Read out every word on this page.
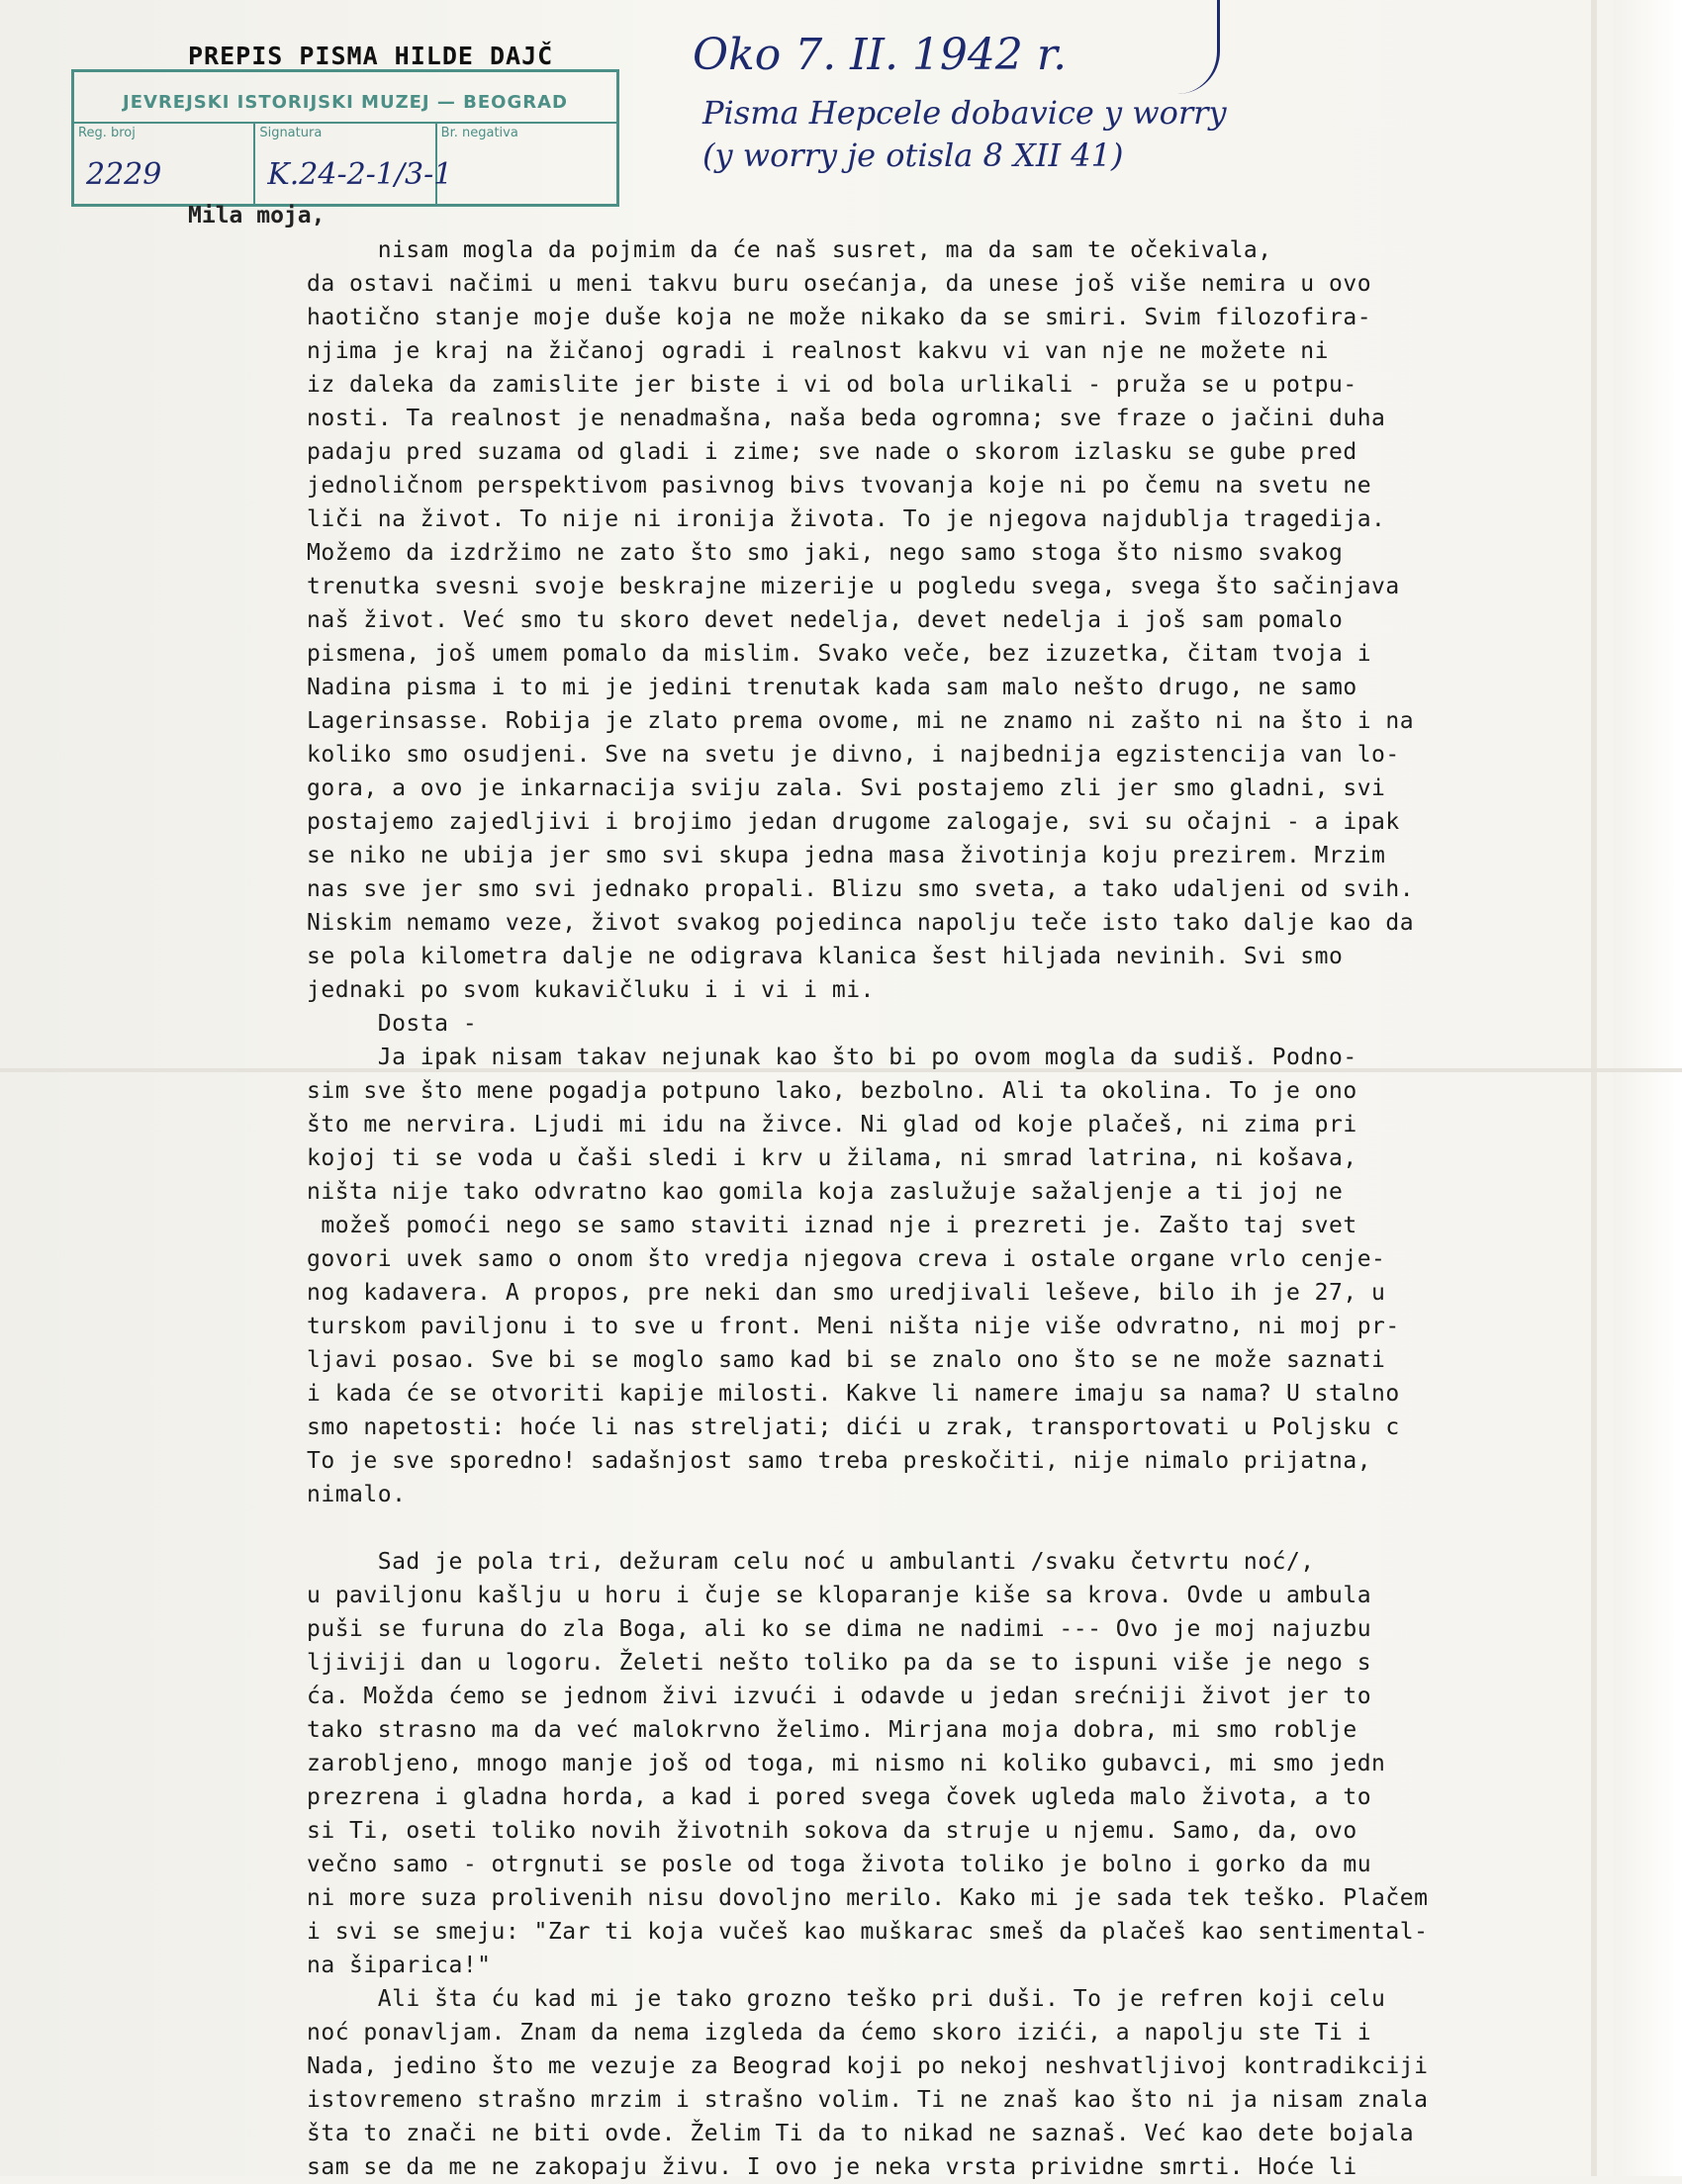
PREPIS PISMA HILDE DAJČ	Oko 7. II. 1942 r.
Pisma Hepcele dobavice y worry
(y worry je otisla 8 XII 41)
JEVREJSKI ISTORIJSKI MUZEJ — BEOGRAD
Reg. broj
2229
Signatura
K.24-2-1/3-1
Br. negativa
Mila moja,
nisam mogla da pojmim da će naš susret, ma da sam te očekivala,
da ostavi načimi u meni takvu buru osećanja, da unese još više nemira u ovo
haotično stanje moje duše koja ne može nikako da se smiri. Svim filozofira-
njima je kraj na žičanoj ogradi i realnost kakvu vi van nje ne možete ni
iz daleka da zamislite jer biste i vi od bola urlikali - pruža se u potpu-
nosti. Ta realnost je nenadmašna, naša beda ogromna; sve fraze o jačini duha
padaju pred suzama od gladi i zime; sve nade o skorom izlasku se gube pred
jednoličnom perspektivom pasivnog bivs tvovanja koje ni po čemu na svetu ne
liči na život. To nije ni ironija života. To je njegova najdublja tragedija.
Možemo da izdržimo ne zato što smo jaki, nego samo stoga što nismo svakog
trenutka svesni svoje beskrajne mizerije u pogledu svega, svega što sačinjava
naš život. Već smo tu skoro devet nedelja, devet nedelja i još sam pomalo
pismena, još umem pomalo da mislim. Svako veče, bez izuzetka, čitam tvoja i
Nadina pisma i to mi je jedini trenutak kada sam malo nešto drugo, ne samo
Lagerinsasse. Robija je zlato prema ovome, mi ne znamo ni zašto ni na što i na
koliko smo osudjeni. Sve na svetu je divno, i najbednija egzistencija van lo-
gora, a ovo je inkarnacija sviju zala. Svi postajemo zli jer smo gladni, svi
postajemo zajedljivi i brojimo jedan drugome zalogaje, svi su očajni - a ipak
se niko ne ubija jer smo svi skupa jedna masa životinja koju prezirem. Mrzim
nas sve jer smo svi jednako propali. Blizu smo sveta, a tako udaljeni od svih.
Niskim nemamo veze, život svakog pojedinca napolju teče isto tako dalje kao da
se pola kilometra dalje ne odigrava klanica šest hiljada nevinih. Svi smo
jednaki po svom kukavičluku i i vi i mi.
Dosta -
Ja ipak nisam takav nejunak kao što bi po ovom mogla da sudiš. Podno-
sim sve što mene pogadja potpuno lako, bezbolno. Ali ta okolina. To je ono
što me nervira. Ljudi mi idu na živce. Ni glad od koje plačeš, ni zima pri
kojoj ti se voda u čaši sledi i krv u žilama, ni smrad latrina, ni košava,
ništa nije tako odvratno kao gomila koja zaslužuje sažaljenje a ti joj ne
možeš pomoći nego se samo staviti iznad nje i prezreti je. Zašto taj svet
govori uvek samo o onom što vredja njegova creva i ostale organe vrlo cenje-
nog kadavera. A propos, pre neki dan smo uredjivali leševe, bilo ih je 27, u
turskom paviljonu i to sve u front. Meni ništa nije više odvratno, ni moj pr-
ljavi posao. Sve bi se moglo samo kad bi se znalo ono što se ne može saznati
i kada će se otvoriti kapije milosti. Kakve li namere imaju sa nama? U stalno
smo napetosti: hoće li nas streljati; dići u zrak, transportovati u Poljsku c
To je sve sporedno! sadašnjost samo treba preskočiti, nije nimalo prijatna,
nimalo.
Sad je pola tri, dežuram celu noć u ambulanti /svaku četvrtu noć/,
u paviljonu kašlju u horu i čuje se kloparanje kiše sa krova. Ovde u ambula
puši se furuna do zla Boga, ali ko se dima ne nadimi --- Ovo je moj najuzbu
ljiviji dan u logoru. Želeti nešto toliko pa da se to ispuni više je nego s
ća. Možda ćemo se jednom živi izvući i odavde u jedan srećniji život jer to
tako strasno ma da već malokrvno želimo. Mirjana moja dobra, mi smo roblje
zarobljeno, mnogo manje još od toga, mi nismo ni koliko gubavci, mi smo jedn
prezrena i gladna horda, a kad i pored svega čovek ugleda malo života, a to
si Ti, oseti toliko novih životnih sokova da struje u njemu. Samo, da, ovo
večno samo - otrgnuti se posle od toga života toliko je bolno i gorko da mu
ni more suza prolivenih nisu dovoljno merilo. Kako mi je sada tek teško. Plačem
i svi se smeju: "Zar ti koja vučeš kao muškarac smeš da plačeš kao sentimental-
na šiparica!"
Ali šta ću kad mi je tako grozno teško pri duši. To je refren koji celu
noć ponavljam. Znam da nema izgleda da ćemo skoro izići, a napolju ste Ti i
Nada, jedino što me vezuje za Beograd koji po nekoj neshvatljivoj kontradikciji
istovremeno strašno mrzim i strašno volim. Ti ne znaš kao što ni ja nisam znala
šta to znači ne biti ovde. Želim Ti da to nikad ne saznaš. Već kao dete bojala
sam se da me ne zakopaju živu. I ovo je neka vrsta prividne smrti. Hoće li
